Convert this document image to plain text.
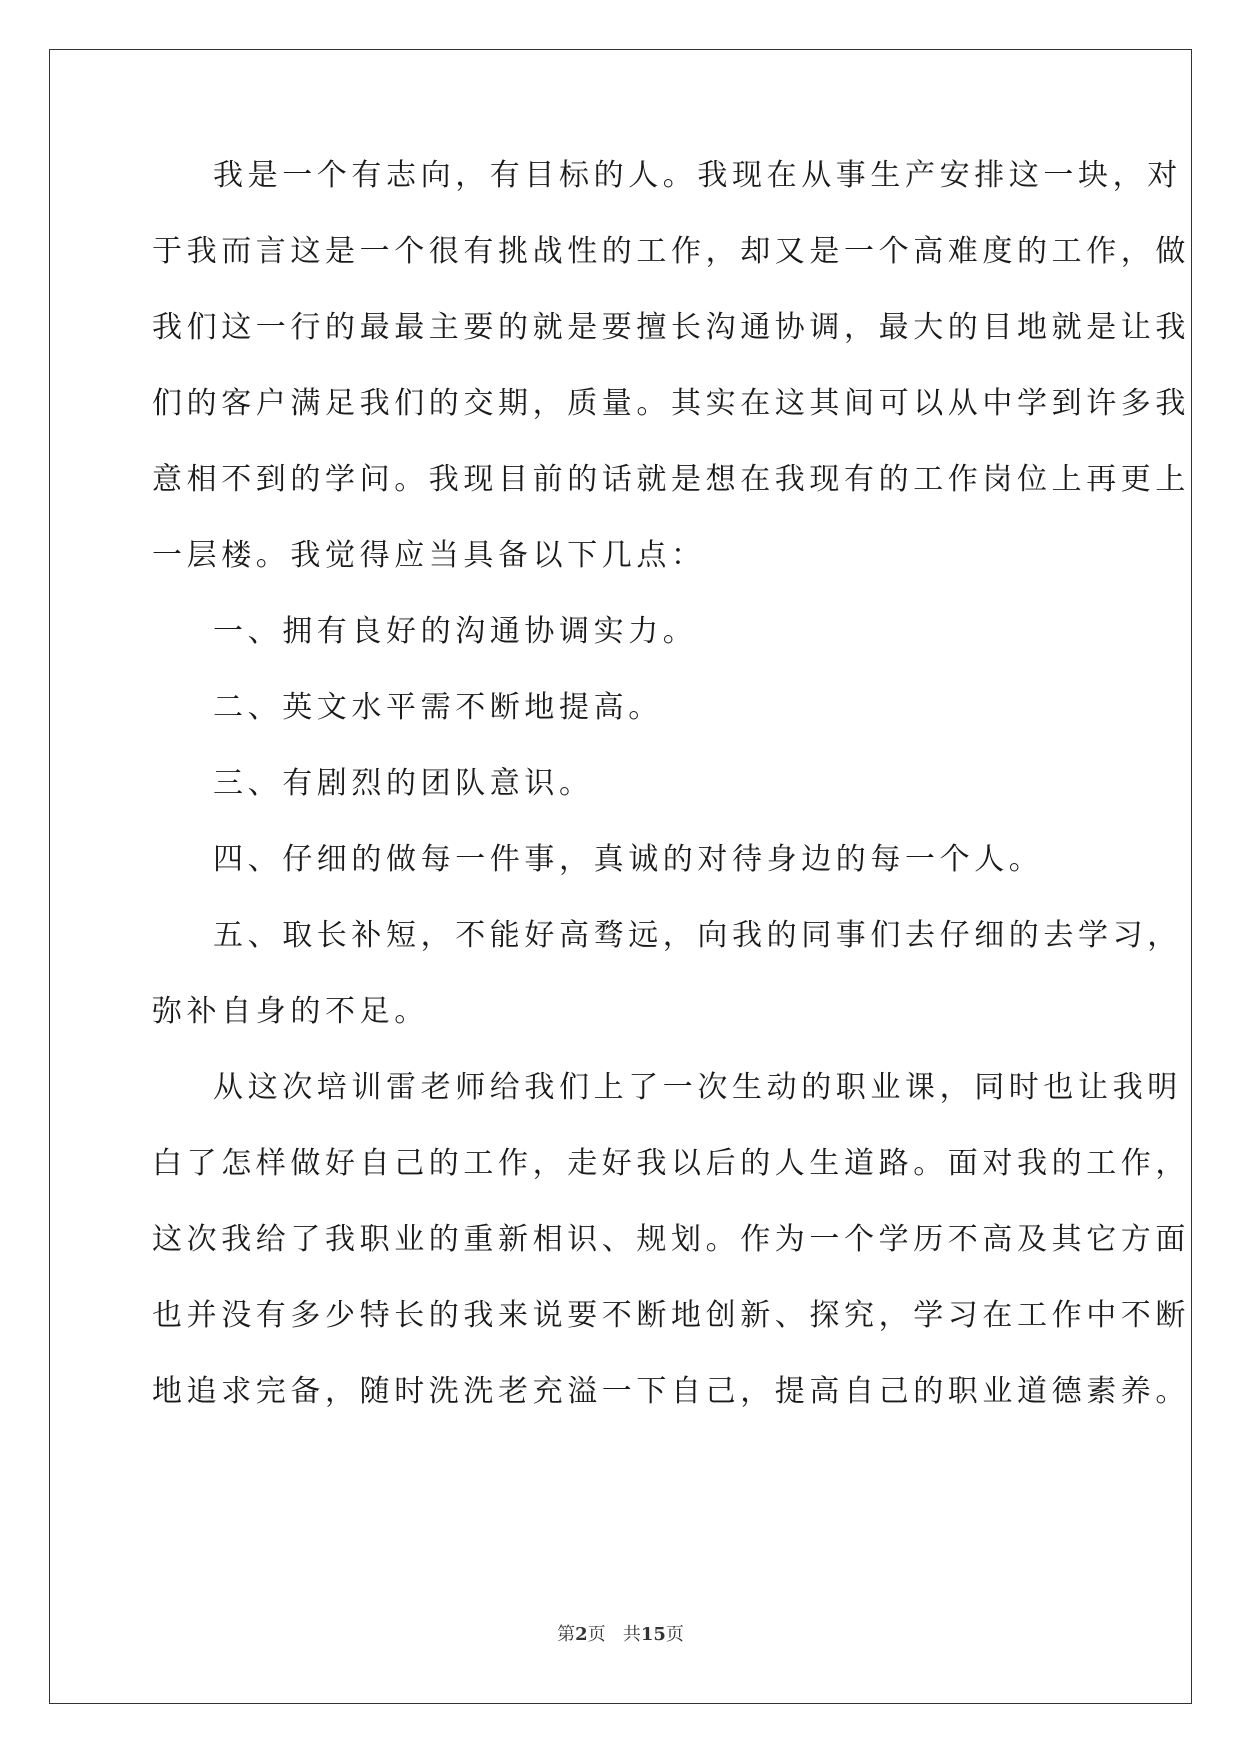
我是一个有志向，有目标的人。我现在从事生产安排这一块，对
于我而言这是一个很有挑战性的工作，却又是一个高难度的工作，做
我们这一行的最最主要的就是要擅长沟通协调，最大的目地就是让我
们的客户满足我们的交期，质量。其实在这其间可以从中学到许多我
意相不到的学问。我现目前的话就是想在我现有的工作岗位上再更上
一层楼。我觉得应当具备以下几点：
一、拥有良好的沟通协调实力。
二、英文水平需不断地提高。
三、有剧烈的团队意识。
四、仔细的做每一件事，真诚的对待身边的每一个人。
五、取长补短，不能好高骛远，向我的同事们去仔细的去学习，
弥补自身的不足。
从这次培训雷老师给我们上了一次生动的职业课，同时也让我明
白了怎样做好自己的工作，走好我以后的人生道路。面对我的工作，
这次我给了我职业的重新相识、规划。作为一个学历不高及其它方面
也并没有多少特长的我来说要不断地创新、探究，学习在工作中不断
地追求完备，随时洗洗老充溢一下自己，提高自己的职业道德素养。
第2页 共15页
